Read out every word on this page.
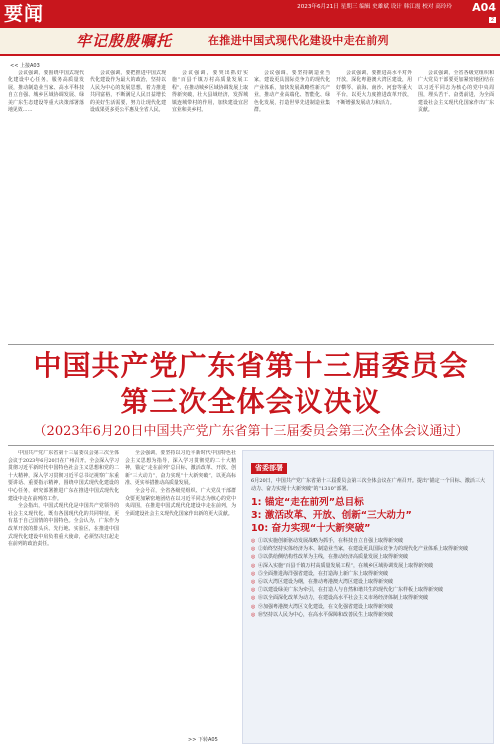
要闻	2023年6月21日 星期三 编辑 史雄斌 设计 韩江霞 校对 高玲玲 A04
2
牢记殷殷嘱托	在推进中国式现代化建设中走在前列
<< 上接A03

会议强调，要围绕中国式现代化建设中心任务，服务高质量发展，推动制造业当家、高水平科技自立自强、城乡区域协调发展、绿美广东生态建设等重大决策部署落地见效……

会议强调，要把推进中国式现代化建设作为最大的政治，坚持以人民为中心的发展思想，着力推进共同富裕，不断满足人民日益增长的美好生活需要，努力让现代化建设成果更多更公平惠及全省人民。

会议强调，要突出抓好实施“百县千镇万村高质量发展工程”，在推动城乡区域协调发展上取得新突破，壮大县域经济，发挥城镇连城带村的作用，加快建设宜居宜业和美乡村。

会议强调，要坚持制造业当家，建设更具国际竞争力的现代化产业体系，加快发展战略性新兴产业，推动产业高端化、智能化、绿色化发展，打造世界先进制造业集群。

会议强调，要推进高水平对外开放，深化粤港澳大湾区建设，用好横琴、前海、南沙、河套等重大平台，以更大力度推进改革开放，不断增强发展动力和活力。

会议强调，全省各级党组织和广大党员干部要更加紧密地团结在以习近平同志为核心的党中央周围，埋头苦干、奋勇前进，为全面建设社会主义现代化国家作出广东贡献。

中国共产党广东省第十三届委员会
第三次全体会议决议
（2023年6月20日中国共产党广东省第十三届委员会第三次全体会议通过）

中国共产党广东省第十三届委员会第三次全体会议于2023年6月20日在广州召开。全会深入学习贯彻习近平新时代中国特色社会主义思想和党的二十大精神，深入学习贯彻习近平总书记视察广东重要讲话、重要指示精神，围绕中国式现代化建设的中心任务，研究部署推进广东在推进中国式现代化建设中走在前列的工作。

全会指出，中国式现代化是中国共产党领导的社会主义现代化，既有各国现代化的共同特征，更有基于自己国情的中国特色。全会认为，广东作为改革开放的排头兵、先行地、实验区，在推进中国式现代化建设中肩负着重大使命，必须坚决扛起走在前列的政治责任。

全会强调，要坚持以习近平新时代中国特色社会主义思想为指导，深入学习贯彻党的二十大精神，锚定“走在前列”总目标，激活改革、开放、创新“三大动力”，奋力实现“十大新突破”，以更高标准、更实举措推动高质量发展。

全会号召，全省各级党组织、广大党员干部群众要更加紧密地团结在以习近平同志为核心的党中央周围，在推进中国式现代化建设中走在前列，为全面建设社会主义现代化国家作出新的更大贡献。

>> 下转A05
省委部署
6月20日，中国共产党广东省第十三届委员会第三次全体会议在广州召开。提出“锚定一个目标、激活三大动力、奋力实现十大新突破”的“1310”部署。
1: 锚定“走在前列”总目标
3: 激活改革、开放、创新“三大动力”
10: 奋力实现“十大新突破”
◎ ①以实施创新驱动发展战略为抓手，在科技自立自强上取得新突破
◎ ②始终坚持实体经济为本、制造业当家，在建设更具国际竞争力的现代化产业体系上取得新突破
◎ ③以供给侧结构性改革为主线，在推动经济高质量发展上取得新突破
◎ ④深入实施“百县千镇万村高质量发展工程”，在城乡区域协调发展上取得新突破
◎ ⑤全面推进海洋强省建设，在打造海上新广东上取得新突破
◎ ⑥以大湾区建设为纲，在推动粤港澳大湾区建设上取得新突破
◎ ⑦以建设绿美广东为牵引，在打造人与自然和谐共生的现代化广东样板上取得新突破
◎ ⑧以全面深化改革为动力，在建设高水平社会主义市场经济体制上取得新突破
◎ ⑨加强粤港澳大湾区文化建设，在文化强省建设上取得新突破
◎ ⑩坚持以人民为中心，在高水平保障和改善民生上取得新突破
